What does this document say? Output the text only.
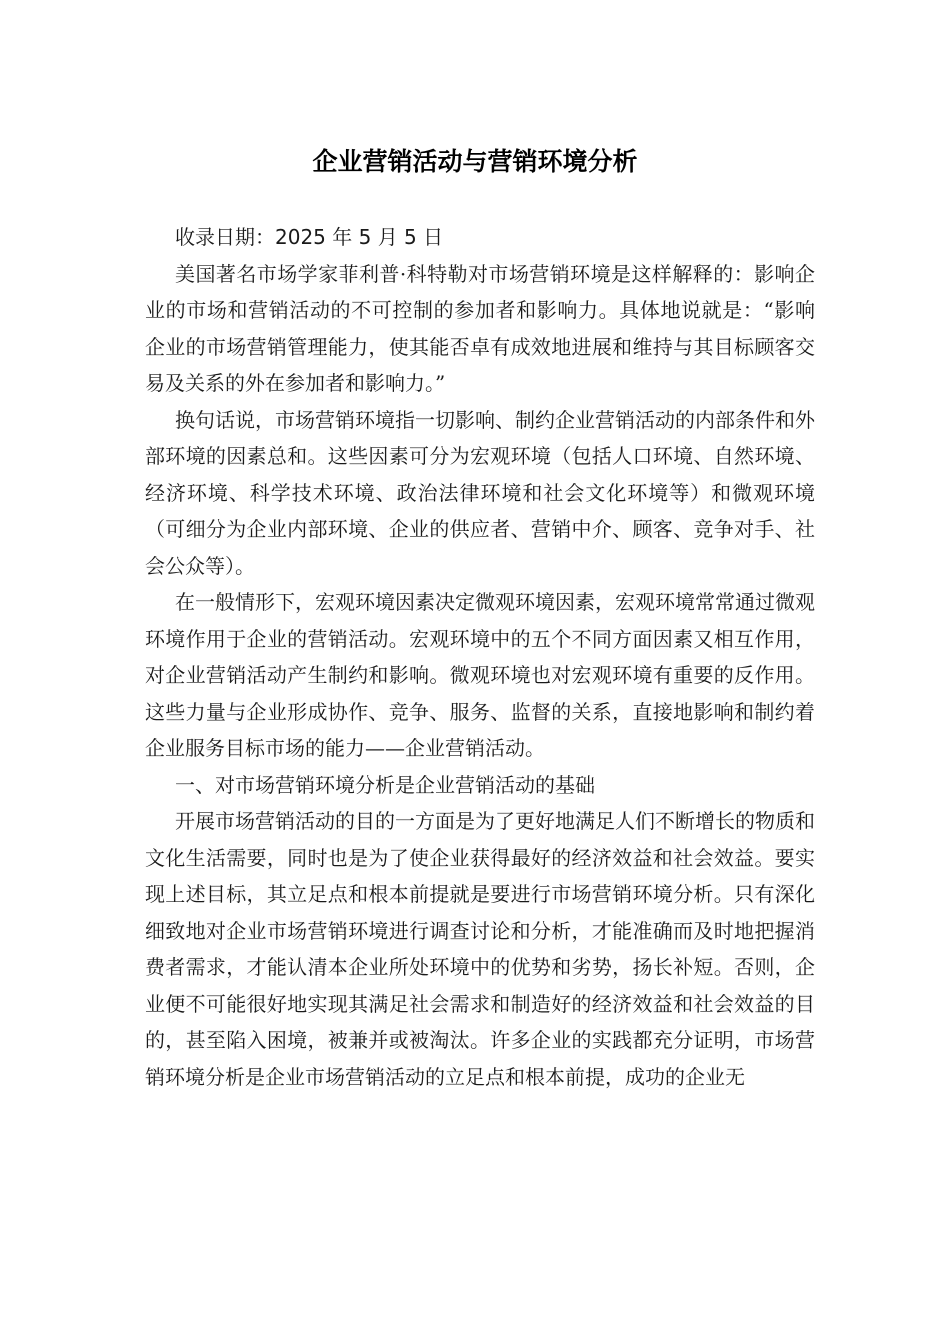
企业营销活动与营销环境分析

收录日期：2025 年 5 月 5 日

美国著名市场学家菲利普·科特勒对市场营销环境是这样解释的：影响企业的市场和营销活动的不可控制的参加者和影响力。具体地说就是：“影响企业的市场营销管理能力，使其能否卓有成效地进展和维持与其目标顾客交易及关系的外在参加者和影响力。”

换句话说，市场营销环境指一切影响、制约企业营销活动的内部条件和外部环境的因素总和。这些因素可分为宏观环境（包括人口环境、自然环境、经济环境、科学技术环境、政治法律环境和社会文化环境等）和微观环境（可细分为企业内部环境、企业的供应者、营销中介、顾客、竞争对手、社会公众等）。

在一般情形下，宏观环境因素决定微观环境因素，宏观环境常常通过微观环境作用于企业的营销活动。宏观环境中的五个不同方面因素又相互作用，对企业营销活动产生制约和影响。微观环境也对宏观环境有重要的反作用。这些力量与企业形成协作、竞争、服务、监督的关系，直接地影响和制约着企业服务目标市场的能力——企业营销活动。

一、对市场营销环境分析是企业营销活动的基础

开展市场营销活动的目的一方面是为了更好地满足人们不断增长的物质和文化生活需要，同时也是为了使企业获得最好的经济效益和社会效益。要实现上述目标，其立足点和根本前提就是要进行市场营销环境分析。只有深化细致地对企业市场营销环境进行调查讨论和分析，才能准确而及时地把握消费者需求，才能认清本企业所处环境中的优势和劣势，扬长补短。否则，企业便不可能很好地实现其满足社会需求和制造好的经济效益和社会效益的目的，甚至陷入困境，被兼并或被淘汰。许多企业的实践都充分证明，市场营销环境分析是企业市场营销活动的立足点和根本前提，成功的企业无
